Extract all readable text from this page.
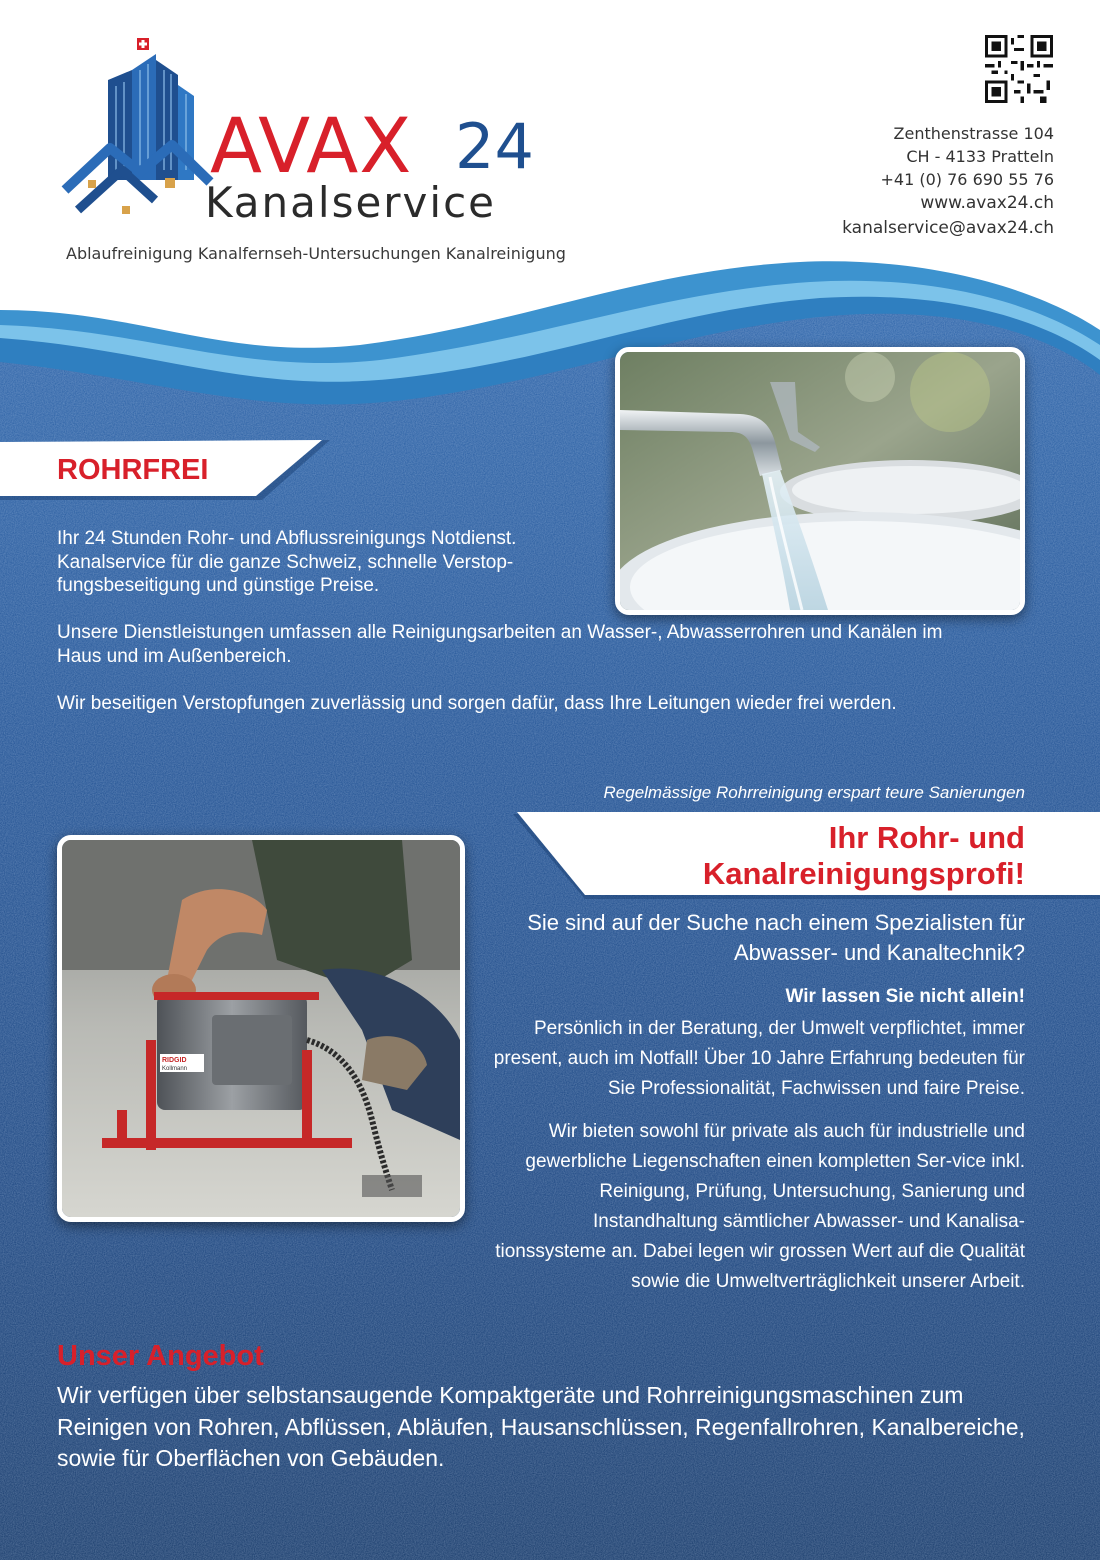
AVAX 24
Kanalservice
Ablaufreinigung Kanalfernseh-Untersuchungen Kanalreinigung
Zenthenstrasse 104
CH - 4133 Pratteln
+41 (0) 76 690 55 76
www.avax24.ch
kanalservice@avax24.ch
ROHRFREI
Ihr 24 Stunden Rohr- und Abflussreinigungs Notdienst. Kanalservice für die ganze Schweiz, schnelle Verstop-fungsbeseitigung und günstige Preise.
Unsere Dienstleistungen umfassen alle Reinigungsarbeiten an Wasser-, Abwasserrohren und Kanälen im Haus und im Außenbereich.
Wir beseitigen Verstopfungen zuverlässig und sorgen dafür, dass Ihre Leitungen wieder frei werden.
Regelmässige Rohrreinigung erspart teure Sanierungen
Ihr Rohr- und
Kanalreinigungsprofi!
RIDGID
Kollmann
Sie sind auf der Suche nach einem Spezialisten für Abwasser- und Kanaltechnik?
Wir lassen Sie nicht allein!
Persönlich in der Beratung, der Umwelt verpflichtet, immer present, auch im Notfall! Über 10 Jahre Erfahrung bedeuten für Sie Professionalität, Fachwissen und faire Preise.
Wir bieten sowohl für private als auch für industrielle und gewerbliche Liegenschaften einen kompletten Ser-vice inkl. Reinigung, Prüfung, Untersuchung, Sanierung und Instandhaltung sämtlicher Abwasser- und Kanalisa-tionssysteme an. Dabei legen wir grossen Wert auf die Qualität sowie die Umweltverträglichkeit unserer Arbeit.
Unser Angebot
Wir verfügen über selbstansaugende Kompaktgeräte und Rohrreinigungsmaschinen zum Reinigen von Rohren, Abflüssen, Abläufen, Hausanschlüssen, Regenfallrohren, Kanalbereiche, sowie für Oberflächen von Gebäuden.
